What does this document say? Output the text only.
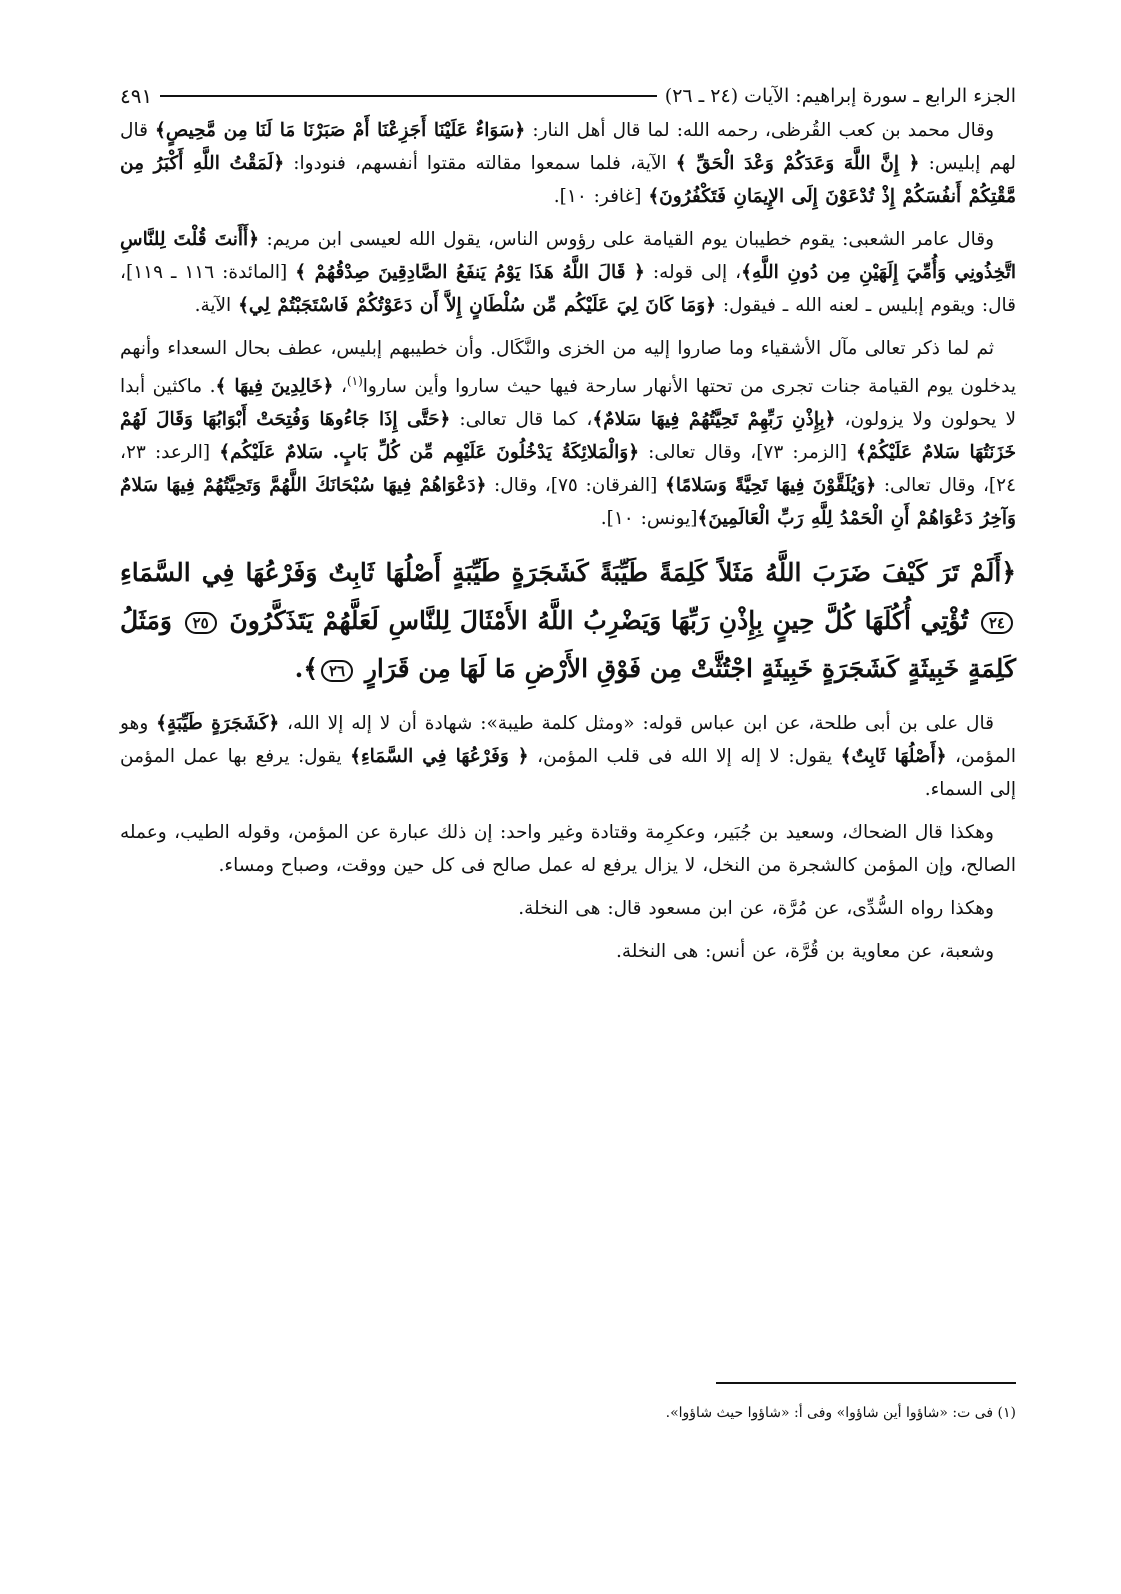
الجزء الرابع ـ سورة إبراهيم: الآيات (٢٤ ـ ٢٦)
٤٩١

وقال محمد بن كعب القُرظى، رحمه الله: لما قال أهل النار: ﴿سَوَاءٌ عَلَيْنَا أَجَزِعْنَا أَمْ صَبَرْنَا مَا لَنَا مِن مَّحِيصٍ﴾ قال لهم إبليس: ﴿ إِنَّ اللَّهَ وَعَدَكُمْ وَعْدَ الْحَقِّ ﴾ الآية، فلما سمعوا مقالته مقتوا أنفسهم، فنودوا: ﴿لَمَقْتُ اللَّهِ أَكْبَرُ مِن مَّقْتِكُمْ أَنفُسَكُمْ إِذْ تُدْعَوْنَ إِلَى الإِيمَانِ فَتَكْفُرُونَ﴾ [غافر: ١٠].

وقال عامر الشعبى: يقوم خطيبان يوم القيامة على رؤوس الناس، يقول الله لعيسى ابن مريم: ﴿أَأَنتَ قُلْتَ لِلنَّاسِ اتَّخِذُونِي وَأُمِّيَ إِلَهَيْنِ مِن دُونِ اللَّهِ﴾، إلى قوله: ﴿ قَالَ اللَّهُ هَذَا يَوْمُ يَنفَعُ الصَّادِقِينَ صِدْقُهُمْ ﴾ [المائدة: ١١٦ ـ ١١٩]، قال: ويقوم إبليس ـ لعنه الله ـ فيقول: ﴿وَمَا كَانَ لِيَ عَلَيْكُم مِّن سُلْطَانٍ إِلاَّ أَن دَعَوْتُكُمْ فَاسْتَجَبْتُمْ لِي﴾ الآية.

ثم لما ذكر تعالى مآل الأشقياء وما صاروا إليه من الخزى والنَّكَال. وأن خطيبهم إبليس، عطف بحال السعداء وأنهم يدخلون يوم القيامة جنات تجرى من تحتها الأنهار سارحة فيها حيث ساروا وأين ساروا$^{(١)}$، ﴿خَالِدِينَ فِيهَا ﴾. ماكثين أبدا لا يحولون ولا يزولون، ﴿بِإِذْنِ رَبِّهِمْ تَحِيَّتُهُمْ فِيهَا سَلامٌ﴾، كما قال تعالى: ﴿حَتَّى إِذَا جَاءُوهَا وَفُتِحَتْ أَبْوَابُهَا وَقَالَ لَهُمْ خَزَنَتُهَا سَلامٌ عَلَيْكُمْ﴾ [الزمر: ٧٣]، وقال تعالى: ﴿وَالْمَلائِكَةُ يَدْخُلُونَ عَلَيْهِم مِّن كُلِّ بَابٍ. سَلامٌ عَلَيْكُم﴾ [الرعد: ٢٣، ٢٤]، وقال تعالى: ﴿وَيُلَقَّوْنَ فِيهَا تَحِيَّةً وَسَلامًا﴾ [الفرقان: ٧٥]، وقال: ﴿دَعْوَاهُمْ فِيهَا سُبْحَانَكَ اللَّهُمَّ وَتَحِيَّتُهُمْ فِيهَا سَلامٌ وَآخِرُ دَعْوَاهُمْ أَنِ الْحَمْدُ لِلَّهِ رَبِّ الْعَالَمِينَ﴾[يونس: ١٠].

﴿أَلَمْ تَرَ كَيْفَ ضَرَبَ اللَّهُ مَثَلاً كَلِمَةً طَيِّبَةً كَشَجَرَةٍ طَيِّبَةٍ أَصْلُهَا ثَابِتٌ وَفَرْعُهَا فِي السَّمَاءِ٢٤ تُؤْتِي أُكُلَهَا كُلَّ حِينٍ بِإِذْنِ رَبِّهَا وَيَضْرِبُ اللَّهُ الأَمْثَالَ لِلنَّاسِ لَعَلَّهُمْ يَتَذَكَّرُونَ ٢٥ وَمَثَلُ كَلِمَةٍ خَبِيثَةٍ كَشَجَرَةٍ خَبِيثَةٍ اجْتُثَّتْ مِن فَوْقِ الأَرْضِ مَا لَهَا مِن قَرَارٍ ٢٦﴾.

قال على بن أبى طلحة، عن ابن عباس قوله: «ومثل كلمة طيبة»: شهادة أن لا إله إلا الله، ﴿كَشَجَرَةٍ طَيِّبَةٍ﴾ وهو المؤمن، ﴿أَصْلُهَا ثَابِتٌ﴾ يقول: لا إله إلا الله فى قلب المؤمن، ﴿ وَفَرْعُهَا فِي السَّمَاءِ﴾ يقول: يرفع بها عمل المؤمن إلى السماء.

وهكذا قال الضحاك، وسعيد بن جُبَير، وعكرِمة وقتادة وغير واحد: إن ذلك عبارة عن المؤمن، وقوله الطيب، وعمله الصالح، وإن المؤمن كالشجرة من النخل، لا يزال يرفع له عمل صالح فى كل حين ووقت، وصباح ومساء.

وهكذا رواه السُّدِّى، عن مُرَّة، عن ابن مسعود قال: هى النخلة.

وشعبة، عن معاوية بن قُرَّة، عن أنس: هى النخلة.

(١) فى ت: «شاؤوا أين شاؤوا» وفى أ: «شاؤوا حيث شاؤوا».
